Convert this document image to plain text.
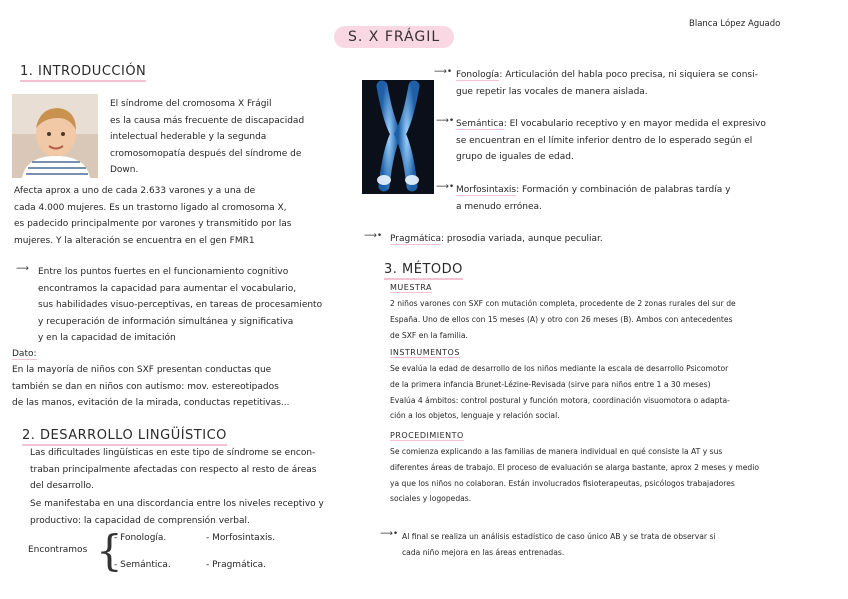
S. X FRÁGIL
Blanca López Aguado
1. INTRODUCCIÓN
El síndrome del cromosoma X Frágil
es la causa más frecuente de discapacidad
intelectual hederable y la segunda
cromosomopatía después del síndrome de
Down.
Afecta aprox a uno de cada 2.633 varones y a una de
cada 4.000 mujeres. Es un trastorno ligado al cromosoma X,
es padecido principalmente por varones y transmitido por las
mujeres. Y la alteración se encuentra en el gen FMR1
⟶ Entre los puntos fuertes en el funcionamiento cognitivo
encontramos la capacidad para aumentar el vocabulario,
sus habilidades visuo-perceptivas, en tareas de procesamiento
y recuperación de información simultánea y significativa
y en la capacidad de imitación
Dato:
En la mayoría de niños con SXF presentan conductas que
también se dan en niños con autismo: mov. estereotipados
de las manos, evitación de la mirada, conductas repetitivas...
2. DESARROLLO LINGÜÍSTICO
Las dificultades lingüísticas en este tipo de síndrome se encon-
traban principalmente afectadas con respecto al resto de áreas
del desarrollo.
Se manifestaba en una discordancia entre los niveles receptivo y
productivo: la capacidad de comprensión verbal.
Encontramos {
- Fonología.	- Morfosintaxis.
- Semántica.	- Pragmática.
⟶• Fonología: Articulación del habla poco precisa, ni siquiera se consi-
gue repetir las vocales de manera aislada.
⟶• Semántica: El vocabulario receptivo y en mayor medida el expresivo
se encuentran en el límite inferior dentro de lo esperado según el
grupo de iguales de edad.
⟶• Morfosintaxis: Formación y combinación de palabras tardía y
a menudo errónea.
⟶• Pragmática: prosodia variada, aunque peculiar.
3. MÉTODO
MUESTRA
2 niños varones con SXF con mutación completa, procedente de 2 zonas rurales del sur de
España. Uno de ellos con 15 meses (A) y otro con 26 meses (B). Ambos con antecedentes
de SXF en la familia.
INSTRUMENTOS
Se evalúa la edad de desarrollo de los niños mediante la escala de desarrollo Psicomotor
de la primera infancia Brunet-Lézine-Revisada (sirve para niños entre 1 a 30 meses)
Evalúa 4 ámbitos: control postural y función motora, coordinación visuomotora o adapta-
ción a los objetos, lenguaje y relación social.
PROCEDIMIENTO
Se comienza explicando a las familias de manera individual en qué consiste la AT y sus
diferentes áreas de trabajo. El proceso de evaluación se alarga bastante, aprox 2 meses y medio
ya que los niños no colaboran. Están involucrados fisioterapeutas, psicólogos trabajadores
sociales y logopedas.
⟶• Al final se realiza un análisis estadístico de caso único AB y se trata de observar si
cada niño mejora en las áreas entrenadas.
